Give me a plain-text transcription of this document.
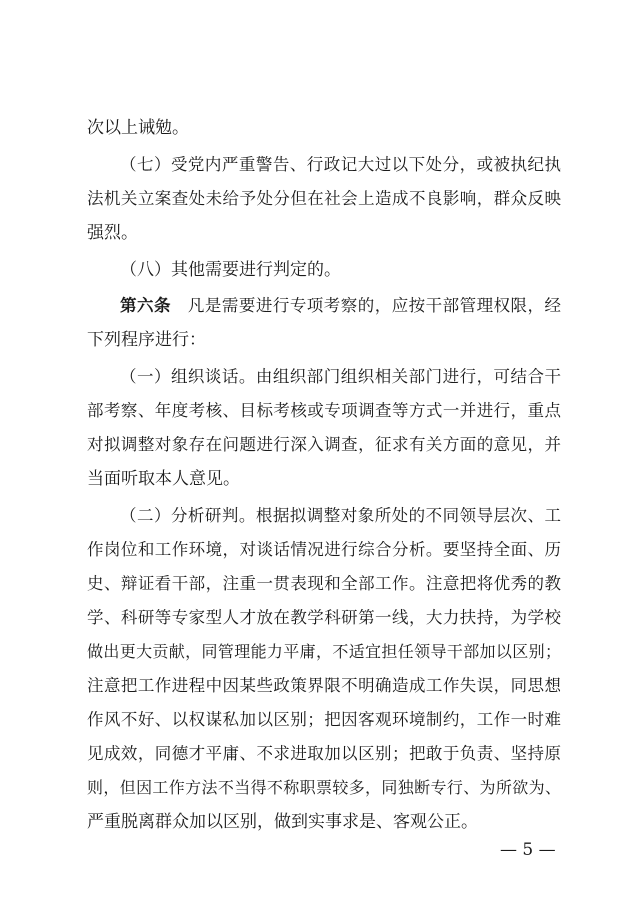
次以上诫勉。
（七）受党内严重警告、行政记大过以下处分，或被执纪执
法机关立案查处未给予处分但在社会上造成不良影响，群众反映
强烈。
（八）其他需要进行判定的。
第六条　凡是需要进行专项考察的，应按干部管理权限，经
下列程序进行：
（一）组织谈话。由组织部门组织相关部门进行，可结合干
部考察、年度考核、目标考核或专项调查等方式一并进行，重点
对拟调整对象存在问题进行深入调查，征求有关方面的意见，并
当面听取本人意见。
（二）分析研判。根据拟调整对象所处的不同领导层次、工
作岗位和工作环境，对谈话情况进行综合分析。要坚持全面、历
史、辩证看干部，注重一贯表现和全部工作。注意把将优秀的教
学、科研等专家型人才放在教学科研第一线，大力扶持，为学校
做出更大贡献，同管理能力平庸，不适宜担任领导干部加以区别；
注意把工作进程中因某些政策界限不明确造成工作失误，同思想
作风不好、以权谋私加以区别；把因客观环境制约，工作一时难
见成效，同德才平庸、不求进取加以区别；把敢于负责、坚持原
则，但因工作方法不当得不称职票较多，同独断专行、为所欲为、
严重脱离群众加以区别，做到实事求是、客观公正。
— 5 —
